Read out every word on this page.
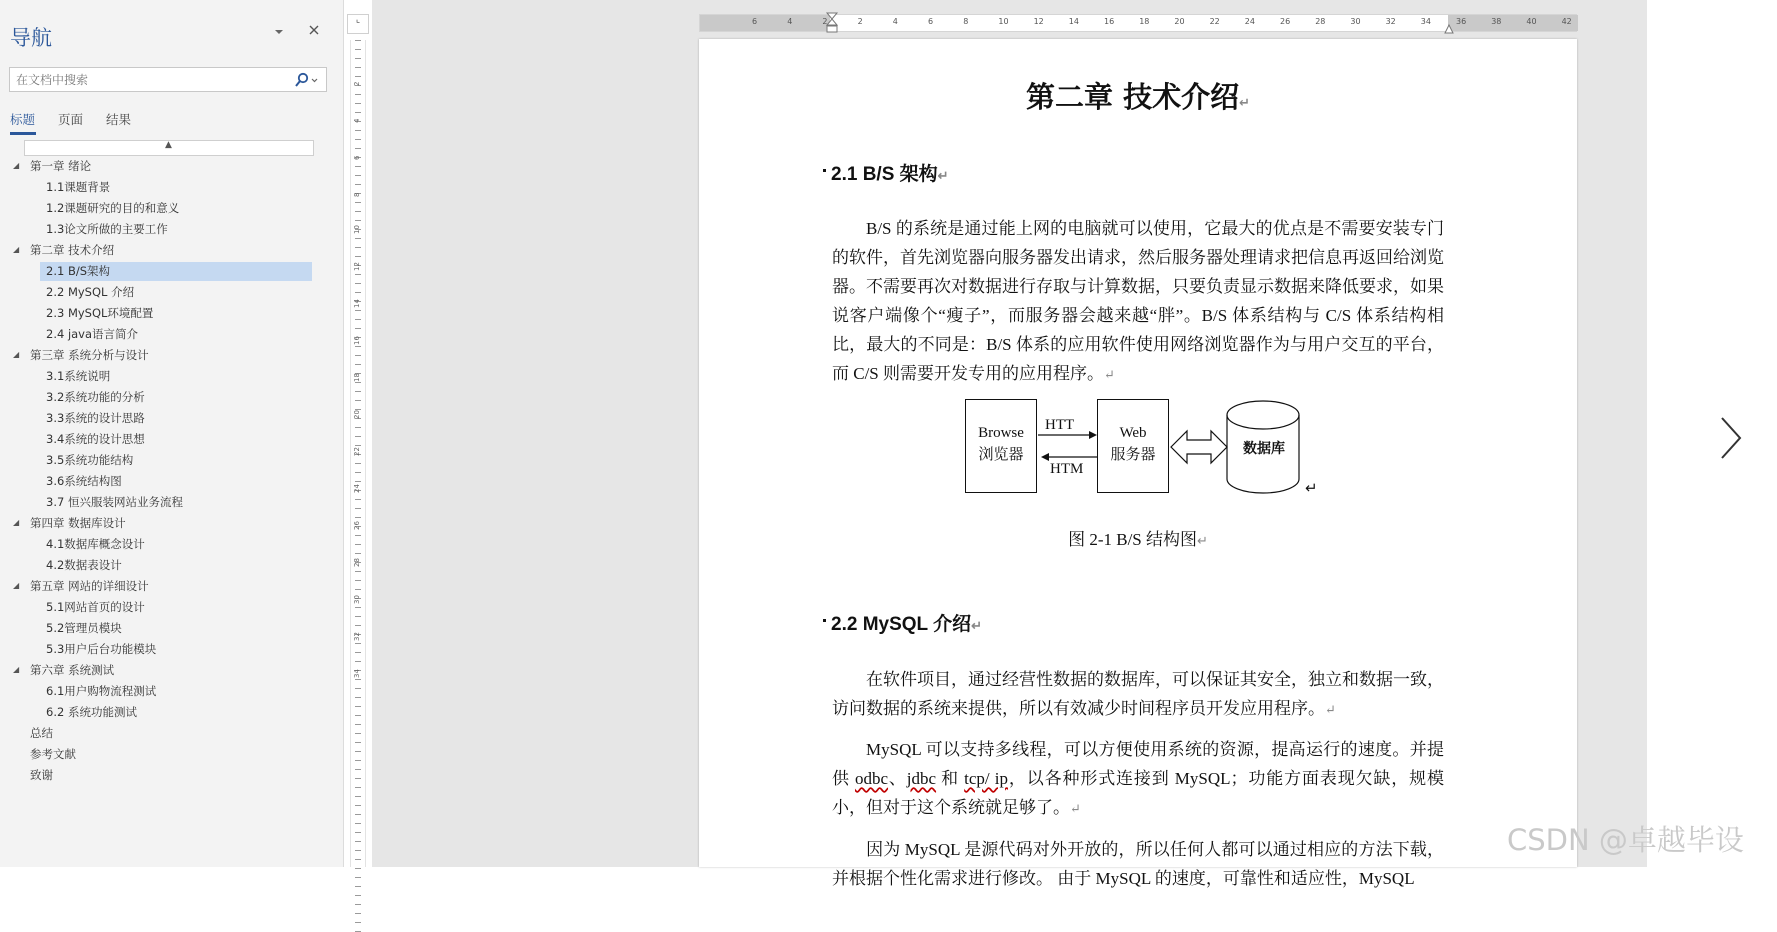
导航
在文档中搜索
标题 页面 结果
▲
◢ 第一章 绪论
1.1课题背景
1.2课题研究的目的和意义
1.3论文所做的主要工作
◢ 第二章 技术介绍
2.1 B/S架构
2.2 MySQL 介绍
2.3 MySQL环境配置
2.4 java语言简介
◢ 第三章 系统分析与设计
3.1系统说明
3.2系统功能的分析
3.3系统的设计思路
3.4系统的设计思想
3.5系统功能结构
3.6系统结构图
3.7 恒兴服装网站业务流程
◢ 第四章 数据库设计
4.1数据库概念设计
4.2数据表设计
◢ 第五章 网站的详细设计
5.1网站首页的设计
5.2管理员模块
5.3用户后台功能模块
◢ 第六章 系统测试
6.1用户购物流程测试
6.2 系统功能测试
总结
参考文献
致谢
⌞
2
4
6
8
10
12
14
16
18
20
22
24
26
28
30
32
34
6	4	2	2	4	6	8	10	12	14	16	18	20	22	24	26	28	30	32	34	36	38	40	42
第二章 技术介绍↵
2.1 B/S 架构↵
B/S 的系统是通过能上网的电脑就可以使用，它最大的优点是不需要安装专门的软件，首先浏览器向服务器发出请求，然后服务器处理请求把信息再返回给浏览器。不需要再次对数据进行存取与计算数据，只要负责显示数据来降低要求，如果说客户端像个“瘦子”，而服务器会越来越“胖”。B/S 体系结构与 C/S 体系结构相比，最大的不同是：B/S 体系的应用软件使用网络浏览器作为与用户交互的平台，而 C/S 则需要开发专用的应用程序。↵
Browse
浏览器
HTT
HTM
Web
服务器	数据库
↵
图 2-1 B/S 结构图↵
2.2 MySQL 介绍↵
在软件项目，通过经营性数据的数据库，可以保证其安全，独立和数据一致，访问数据的系统来提供，所以有效减少时间程序员开发应用程序。↵
MySQL 可以支持多线程，可以方便使用系统的资源，提高运行的速度。并提供 odbc、jdbc 和 tcp/ ip，以各种形式连接到 MySQL；功能方面表现欠缺，规模小，但对于这个系统就足够了。↵
因为 MySQL 是源代码对外开放的，所以任何人都可以通过相应的方法下载，并根据个性化需求进行修改。 由于 MySQL 的速度，可靠性和适应性，MySQL
CSDN @卓越毕设
